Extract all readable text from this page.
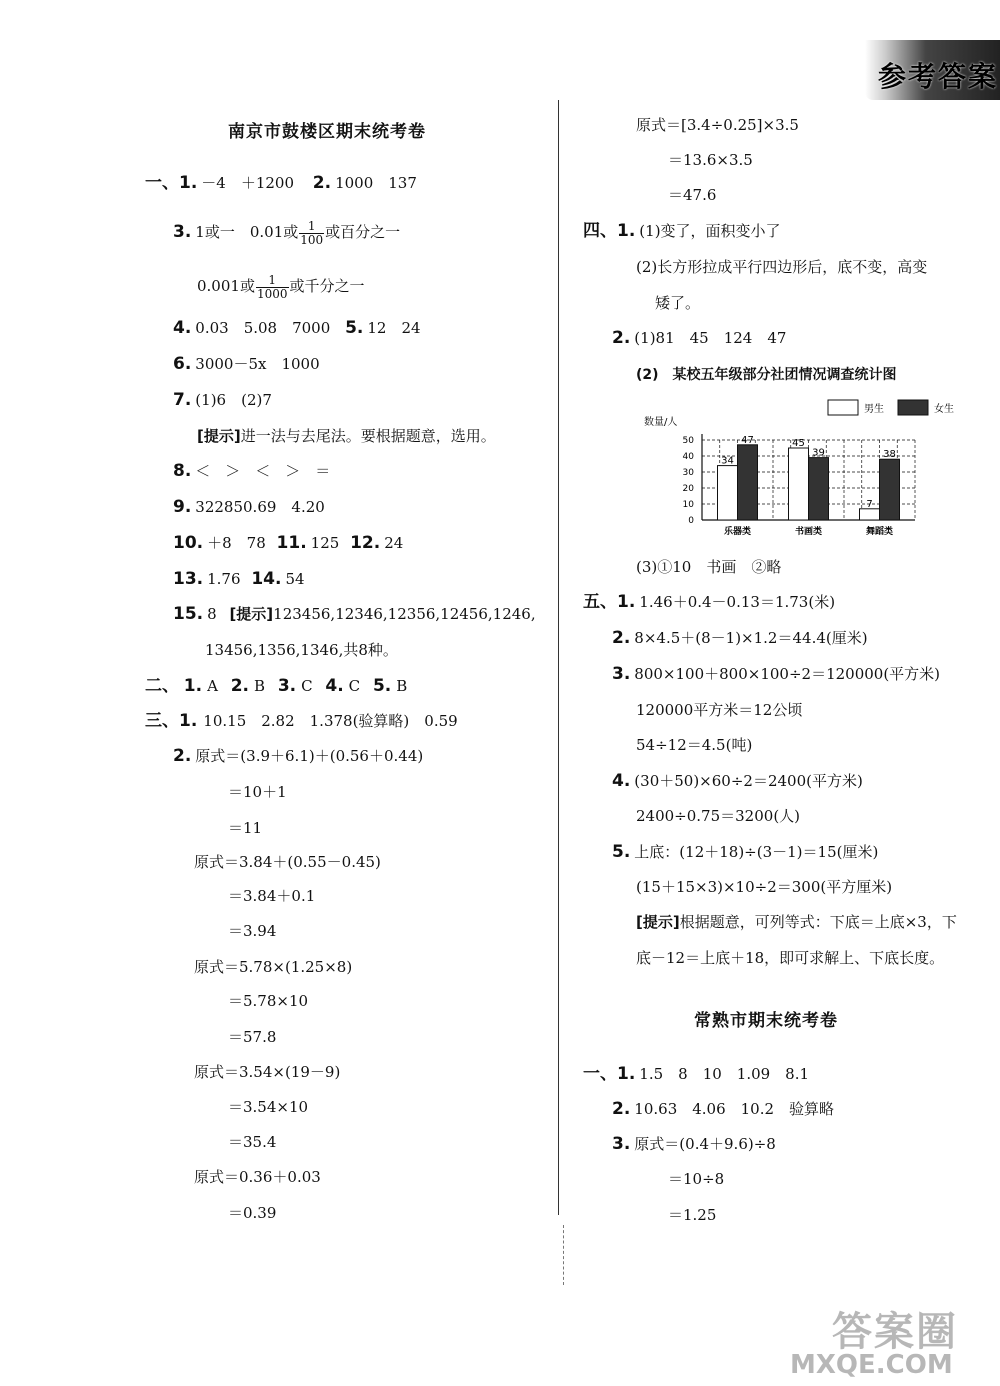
参考答案
南京市鼓楼区期末统考卷
一、1. －4　＋1200 2. 1000　137
3. 1或一　0.01或 $\frac{1}{100}$ 或百分之一
0.001或 $\frac{1}{1000}$ 或千分之一
4. 0.03　5.08　7000 5. 12　24
6. 3000－5x　1000
7. (1)6　(2)7
[提示]进一法与去尾法。要根据题意，选用。
8. ＜　＞　＜　＞　＝
9. 322850.69　4.20
10. ＋8　78 11. 125 12. 24
13. 1.76 14. 54
15. 8 [提示]123456,12346,12356,12456,1246,
13456,1356,1346,共8种。
二、 1. A 2. B 3. C 4. C 5. B
三、1. 10.15　2.82　1.378(验算略)　0.59
2. 原式＝(3.9＋6.1)＋(0.56＋0.44)
＝10＋1
＝11
原式＝3.84＋(0.55－0.45)
＝3.84＋0.1
＝3.94
原式＝5.78×(1.25×8)
＝5.78×10
＝57.8
原式＝3.54×(19－9)
＝3.54×10
＝35.4
原式＝0.36＋0.03
＝0.39
原式＝[3.4÷0.25]×3.5
＝13.6×3.5
＝47.6
四、1. (1)变了，面积变小了
(2)长方形拉成平行四边形后，底不变，高变
矮了。
2. (1)81　45　124　47
(2)　某校五年级部分社团情况调查统计图
男生	女生
数量/人
0
10
20
30
40
50
34
47
乐器类
45
39
书画类
7
38
舞蹈类
(3)①10　书画　②略
五、1. 1.46＋0.4－0.13＝1.73(米)
2. 8×4.5＋(8－1)×1.2＝44.4(厘米)
3. 800×100＋800×100÷2＝120000(平方米)
120000平方米＝12公顷
54÷12＝4.5(吨)
4. (30＋50)×60÷2＝2400(平方米)
2400÷0.75＝3200(人)
5. 上底：(12＋18)÷(3－1)＝15(厘米)
(15＋15×3)×10÷2＝300(平方厘米)
[提示]根据题意，可列等式：下底＝上底×3，下
底－12＝上底＋18，即可求解上、下底长度。
常熟市期末统考卷
一、1. 1.5　8　10　1.09　8.1
2. 10.63　4.06　10.2　验算略
3. 原式＝(0.4＋9.6)÷8
＝10÷8
＝1.25
答案圈
MXQE.COM
